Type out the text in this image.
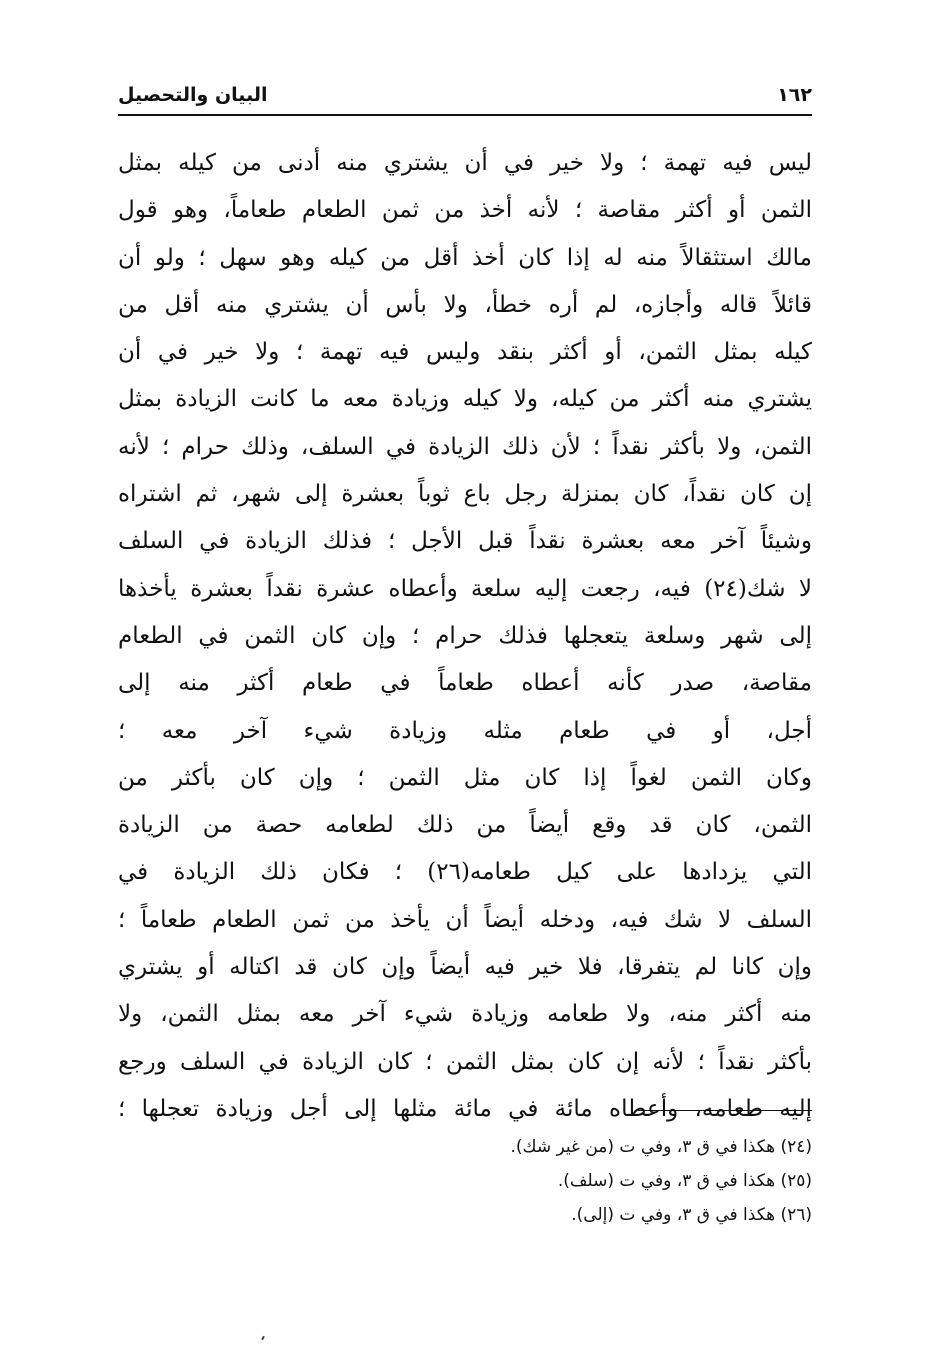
١٦٢
البيان والتحصيل
ليس فيه تهمة ؛ ولا خير في أن يشتري منه أدنى من كيله بمثل
الثمن أو أكثر مقاصة ؛ لأنه أخذ من ثمن الطعام طعاماً، وهو قول
مالك استثقالاً منه له إذا كان أخذ أقل من كيله وهو سهل ؛ ولو أن
قائلاً قاله وأجازه، لم أره خطأ، ولا بأس أن يشتري منه أقل من
كيله بمثل الثمن، أو أكثر بنقد وليس فيه تهمة ؛ ولا خير في أن
يشتري منه أكثر من كيله، ولا كيله وزيادة معه ما كانت الزيادة بمثل
الثمن، ولا بأكثر نقداً ؛ لأن ذلك الزيادة في السلف، وذلك حرام ؛ لأنه
إن كان نقداً، كان بمنزلة رجل باع ثوباً بعشرة إلى شهر، ثم اشتراه
وشيئاً آخر معه بعشرة نقداً قبل الأجل ؛ فذلك الزيادة في السلف
لا شك(٢٤) فيه، رجعت إليه سلعة وأعطاه عشرة نقداً بعشرة يأخذها
إلى شهر وسلعة يتعجلها فذلك حرام ؛ وإن كان الثمن في الطعام
مقاصة، صدر كأنه أعطاه طعاماً في طعام أكثر منه إلى
أجل، أو في طعام مثله وزيادة شيء آخر معه ؛
وكان الثمن لغواً إذا كان مثل الثمن ؛ وإن كان بأكثر من
الثمن، كان قد وقع أيضاً من ذلك لطعامه حصة من الزيادة
التي يزدادها على كيل طعامه(٢٦) ؛ فكان ذلك الزيادة في
السلف لا شك فيه، ودخله أيضاً أن يأخذ من ثمن الطعام طعاماً ؛
وإن كانا لم يتفرقا، فلا خير فيه أيضاً وإن كان قد اكتاله أو يشتري
منه أكثر منه، ولا طعامه وزيادة شيء آخر معه بمثل الثمن، ولا
بأكثر نقداً ؛ لأنه إن كان بمثل الثمن ؛ كان الزيادة في السلف ورجع
إليه طعامه، وأعطاه مائة في مائة مثلها إلى أجل وزيادة تعجلها ؛
(٢٤) هكذا في ق ٣، وفي ت (من غير شك).
(٢٥) هكذا في ق ٣، وفي ت (سلف).
(٢٦) هكذا في ق ٣، وفي ت (إلى).
